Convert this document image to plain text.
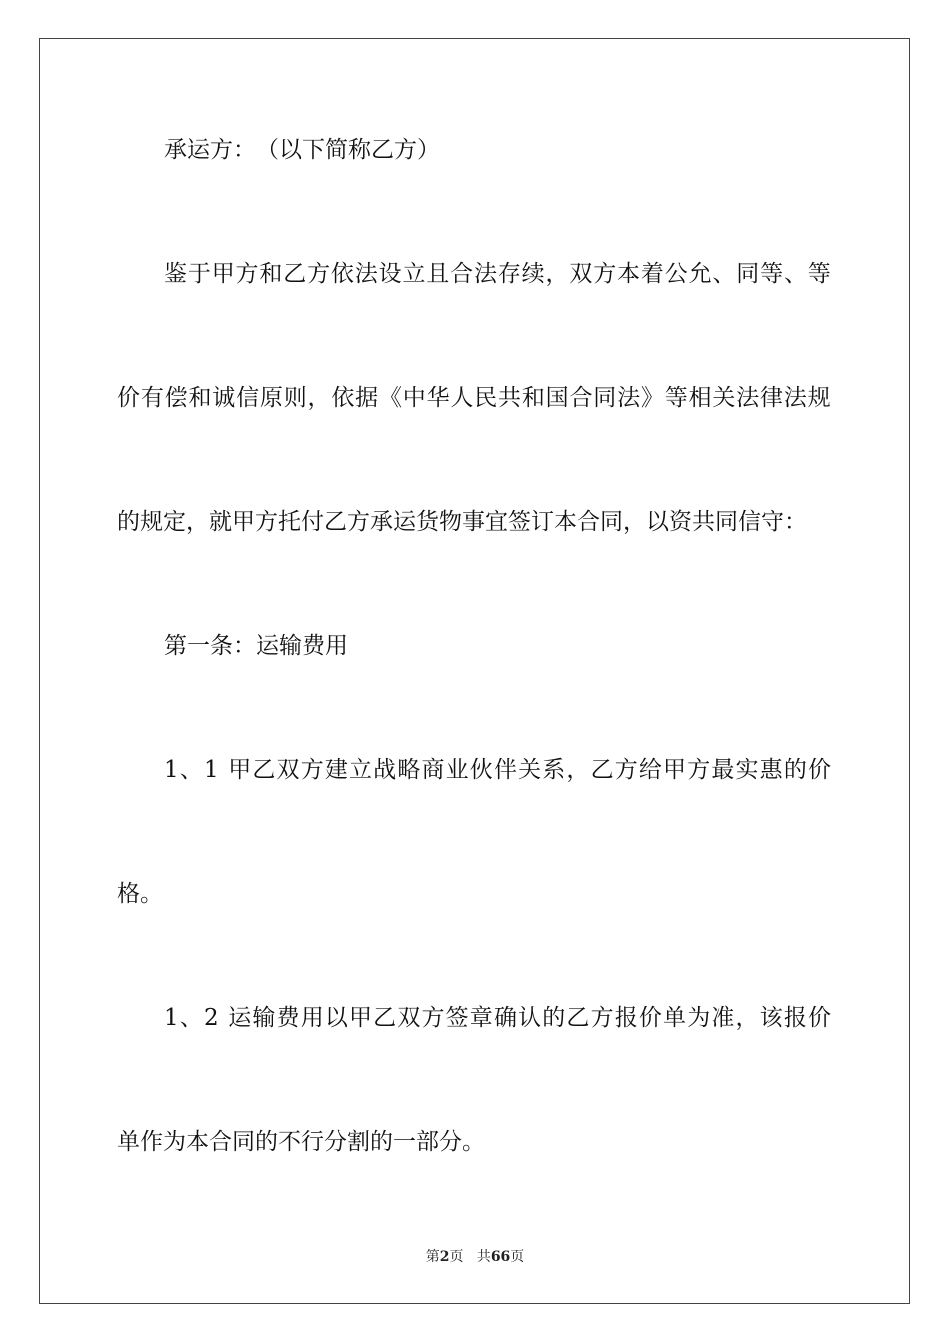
承运方：　（以下简称乙方）
鉴 于 甲 方 和 乙 方 依 法 设 立 且 合 法 存 续 ， 双 方 本 着 公 允 、 同 等 、 等
价 有 偿 和 诚 信 原 则 ， 依 据 《 中 华 人 民 共 和 国 合 同 法 》 等 相 关 法 律 法 规
的规定，就甲方托付乙方承运货物事宜签订本合同，以资共同信守：
第一条：运输费用
1 、 1
甲 乙 双 方 建 立 战 略 商 业 伙 伴 关 系 ， 乙 方 给 甲 方 最 实 惠 的 价
格。
1 、 2
运 输 费 用 以 甲 乙 双 方 签 章 确 认 的 乙 方 报 价 单 为 准 ， 该 报 价
单作为本合同的不行分割的一部分。
第2页 共66页
